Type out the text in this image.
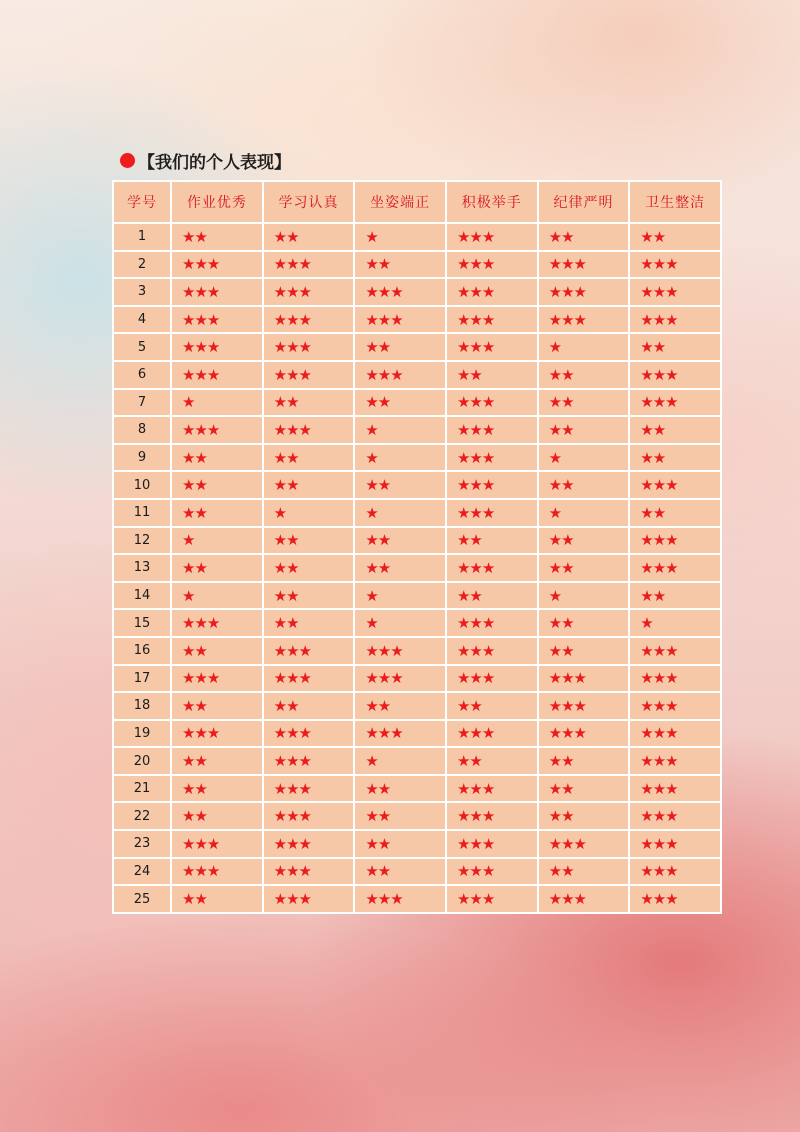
【我们的个人表现】
学号	作业优秀	学习认真	坐姿端正	积极举手	纪律严明	卫生整洁
1	★★	★★	★	★★★	★★	★★
2	★★★	★★★	★★	★★★	★★★	★★★
3	★★★	★★★	★★★	★★★	★★★	★★★
4	★★★	★★★	★★★	★★★	★★★	★★★
5	★★★	★★★	★★	★★★	★	★★
6	★★★	★★★	★★★	★★	★★	★★★
7	★	★★	★★	★★★	★★	★★★
8	★★★	★★★	★	★★★	★★	★★
9	★★	★★	★	★★★	★	★★
10	★★	★★	★★	★★★	★★	★★★
11	★★	★	★	★★★	★	★★
12	★	★★	★★	★★	★★	★★★
13	★★	★★	★★	★★★	★★	★★★
14	★	★★	★	★★	★	★★
15	★★★	★★	★	★★★	★★	★
16	★★	★★★	★★★	★★★	★★	★★★
17	★★★	★★★	★★★	★★★	★★★	★★★
18	★★	★★	★★	★★	★★★	★★★
19	★★★	★★★	★★★	★★★	★★★	★★★
20	★★	★★★	★	★★	★★	★★★
21	★★	★★★	★★	★★★	★★	★★★
22	★★	★★★	★★	★★★	★★	★★★
23	★★★	★★★	★★	★★★	★★★	★★★
24	★★★	★★★	★★	★★★	★★	★★★
25	★★	★★★	★★★	★★★	★★★	★★★
